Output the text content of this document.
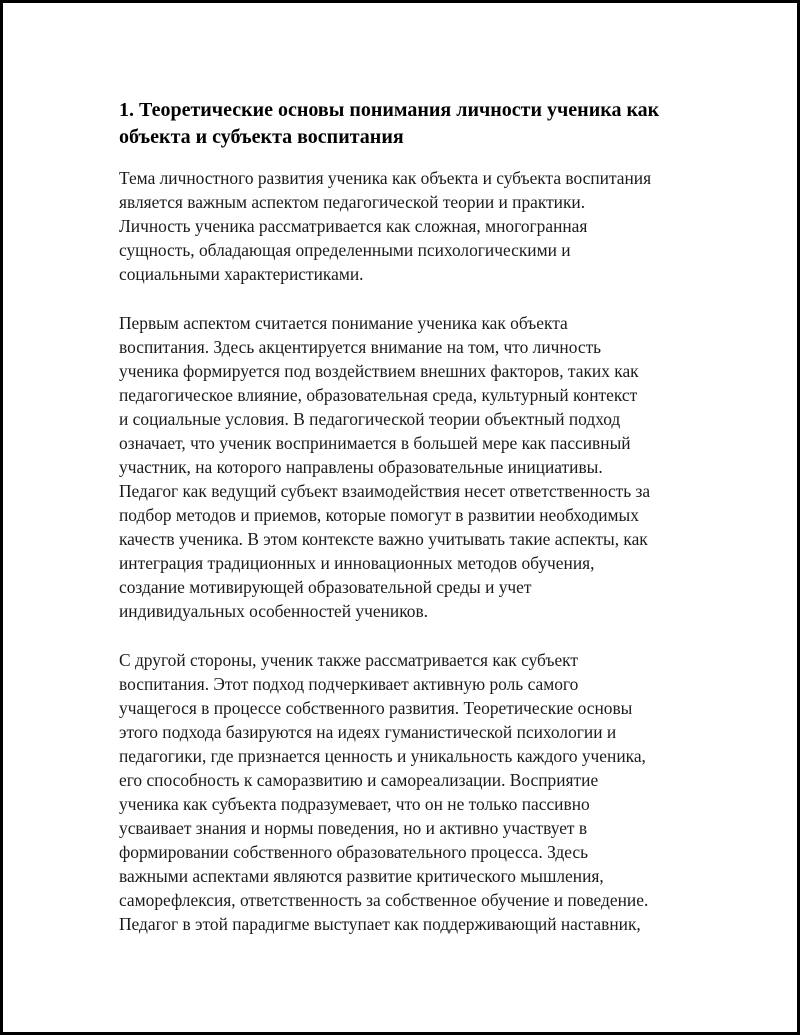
1. Теоретические основы понимания личности ученика как объекта и субъекта воспитания

Тема личностного развития ученика как объекта и субъекта воспитания
является важным аспектом педагогической теории и практики.
Личность ученика рассматривается как сложная, многогранная
сущность, обладающая определенными психологическими и
социальными характеристиками.

Первым аспектом считается понимание ученика как объекта
воспитания. Здесь акцентируется внимание на том, что личность
ученика формируется под воздействием внешних факторов, таких как
педагогическое влияние, образовательная среда, культурный контекст
и социальные условия. В педагогической теории объектный подход
означает, что ученик воспринимается в большей мере как пассивный
участник, на которого направлены образовательные инициативы.
Педагог как ведущий субъект взаимодействия несет ответственность за
подбор методов и приемов, которые помогут в развитии необходимых
качеств ученика. В этом контексте важно учитывать такие аспекты, как
интеграция традиционных и инновационных методов обучения,
создание мотивирующей образовательной среды и учет
индивидуальных особенностей учеников.

С другой стороны, ученик также рассматривается как субъект
воспитания. Этот подход подчеркивает активную роль самого
учащегося в процессе собственного развития. Теоретические основы
этого подхода базируются на идеях гуманистической психологии и
педагогики, где признается ценность и уникальность каждого ученика,
его способность к саморазвитию и самореализации. Восприятие
ученика как субъекта подразумевает, что он не только пассивно
усваивает знания и нормы поведения, но и активно участвует в
формировании собственного образовательного процесса. Здесь
важными аспектами являются развитие критического мышления,
саморефлексия, ответственность за собственное обучение и поведение.
Педагог в этой парадигме выступает как поддерживающий наставник,
